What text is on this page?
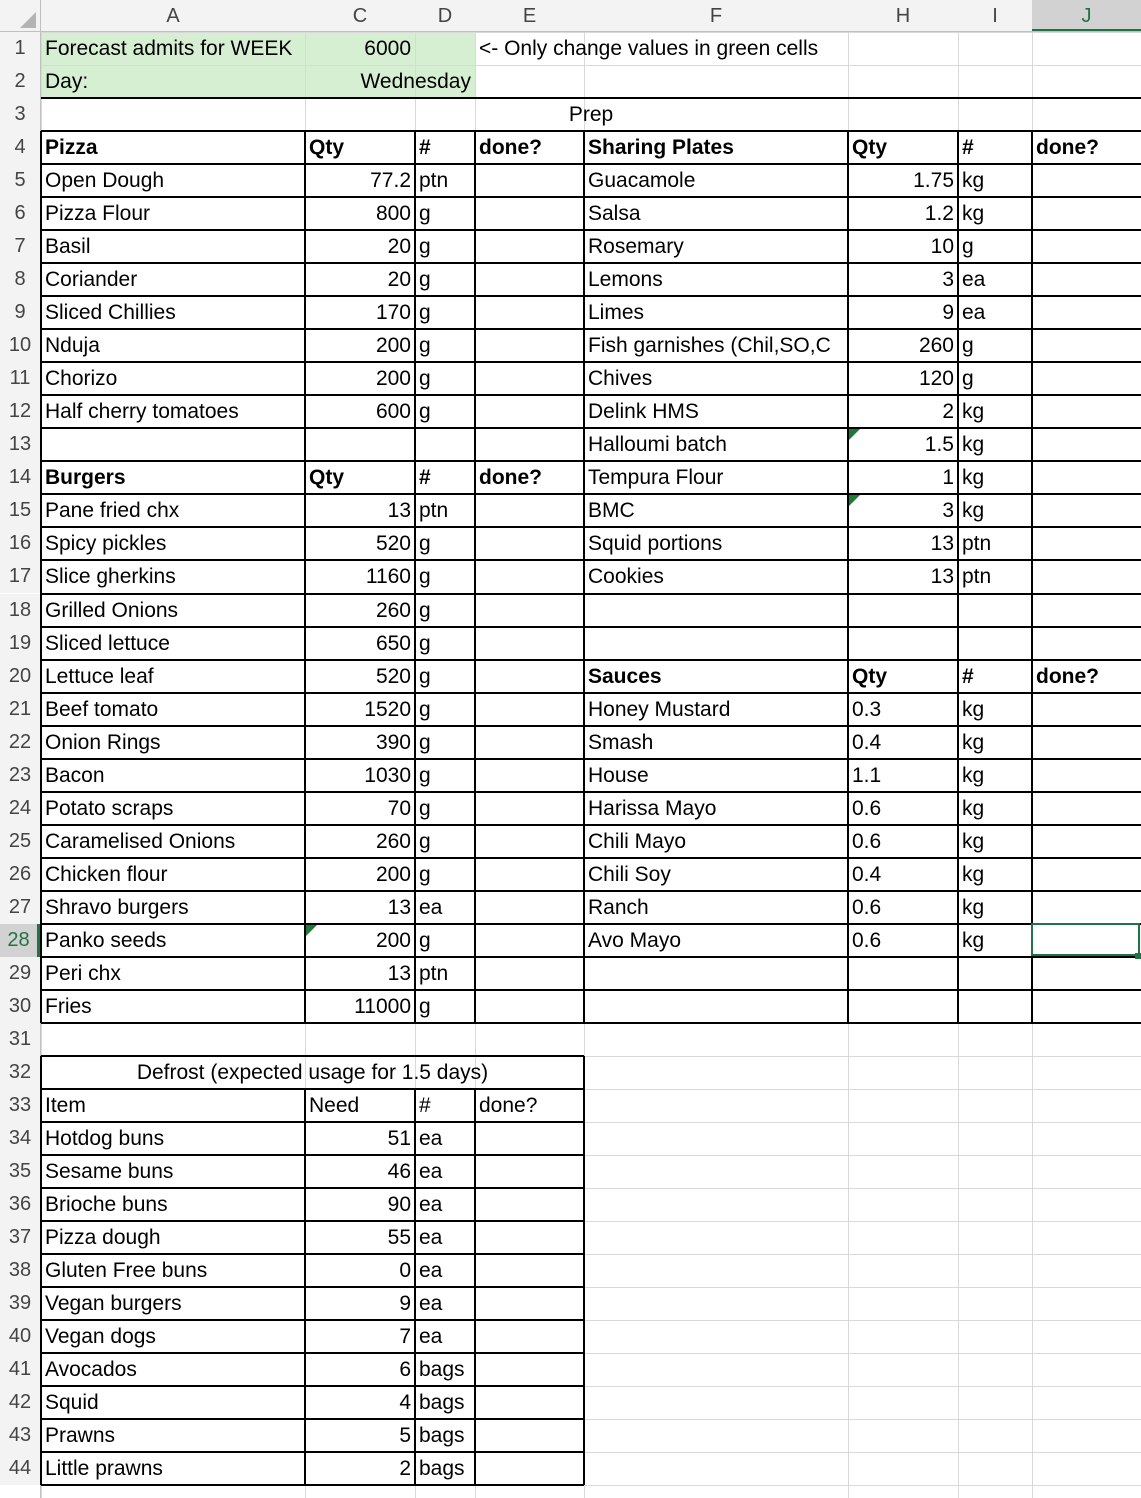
A	C	D	E	F	H	I	J
1
2
3
4
5
6
7
8
9
10
11
12
13
14
15
16
17
18
19
20
21
22
23
24
25
26
27
28
29
30
31
32
33
34
35
36
37
38
39
40
41
42
43
44
Forecast admits for WEEK	6000	<- Only change values in green cells
Day:	Wednesday
Prep
Pizza	Qty	#	done?
Open Dough	77.2 ptn
Pizza Flour	800 g
Basil	20 g
Coriander	20 g
Sliced Chillies	170 g
Nduja	200 g
Chorizo	200 g
Half cherry tomatoes	600 g
Burgers	Qty	#	done?
Pane fried chx	13 ptn
Spicy pickles	520 g
Slice gherkins	1160 g
Grilled Onions	260 g
Sliced lettuce	650 g
Lettuce leaf	520 g
Beef tomato	1520 g
Onion Rings	390 g
Bacon	1030 g
Potato scraps	70 g
Caramelised Onions	260 g
Chicken flour	200 g
Shravo burgers	13 ea
Panko seeds	200 g
Peri chx	13 ptn
Fries	11000 g
Sharing Plates	Qty	#	done?
Guacamole	1.75 kg
Salsa	1.2 kg
Rosemary	10 g
Lemons	3 ea
Limes	9 ea
Fish garnishes (Chil,SO,C	260 g
Chives	120 g
Delink HMS	2 kg
Halloumi batch	1.5 kg
Tempura Flour	1 kg
BMC	3 kg
Squid portions	13 ptn
Cookies	13 ptn
Sauces	Qty	#	done?
Honey Mustard	0.3	kg
Smash	0.4	kg
House	1.1	kg
Harissa Mayo	0.6	kg
Chili Mayo	0.6	kg
Chili Soy	0.4	kg
Ranch	0.6	kg
Avo Mayo	0.6	kg
Defrost (expected usage for 1.5 days)
Item	Need	#	done?
Hotdog buns	51 ea
Sesame buns	46 ea
Brioche buns	90 ea
Pizza dough	55 ea
Gluten Free buns	0 ea
Vegan burgers	9 ea
Vegan dogs	7 ea
Avocados	6 bags
Squid	4 bags
Prawns	5 bags
Little prawns	2 bags
